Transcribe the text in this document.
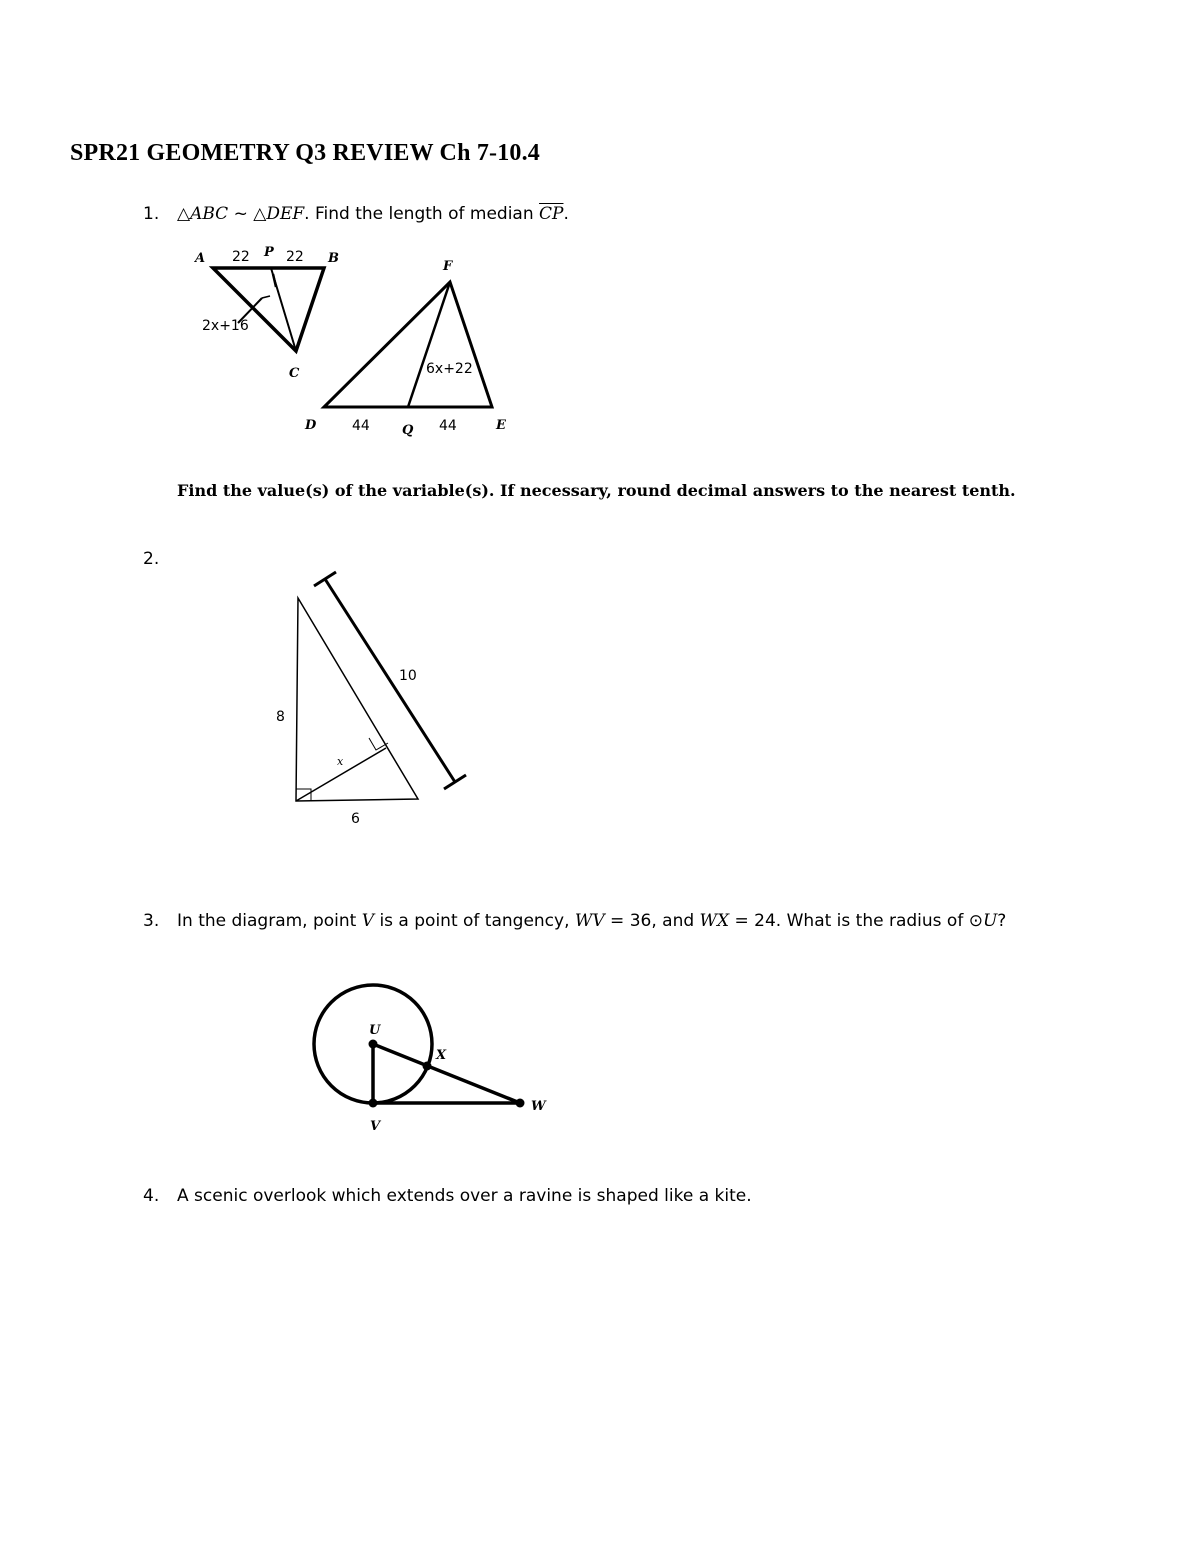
SPR21 GEOMETRY Q3 REVIEW Ch 7-10.4
1. △ABC ~ △DEF. Find the length of median $\overline{CP}$.
A 22 P 22 B
2x+16
C
F
6x+22
D	44 Q 44	E
Find the value(s) of the variable(s). If necessary, round decimal answers to the nearest tenth.
2.
10
8
6
x
3. In the diagram, point V is a point of tangency, WV = 36, and WX = 24. What is the radius of ⊙U?
U
X
V
W
4. A scenic overlook which extends over a ravine is shaped like a kite.
